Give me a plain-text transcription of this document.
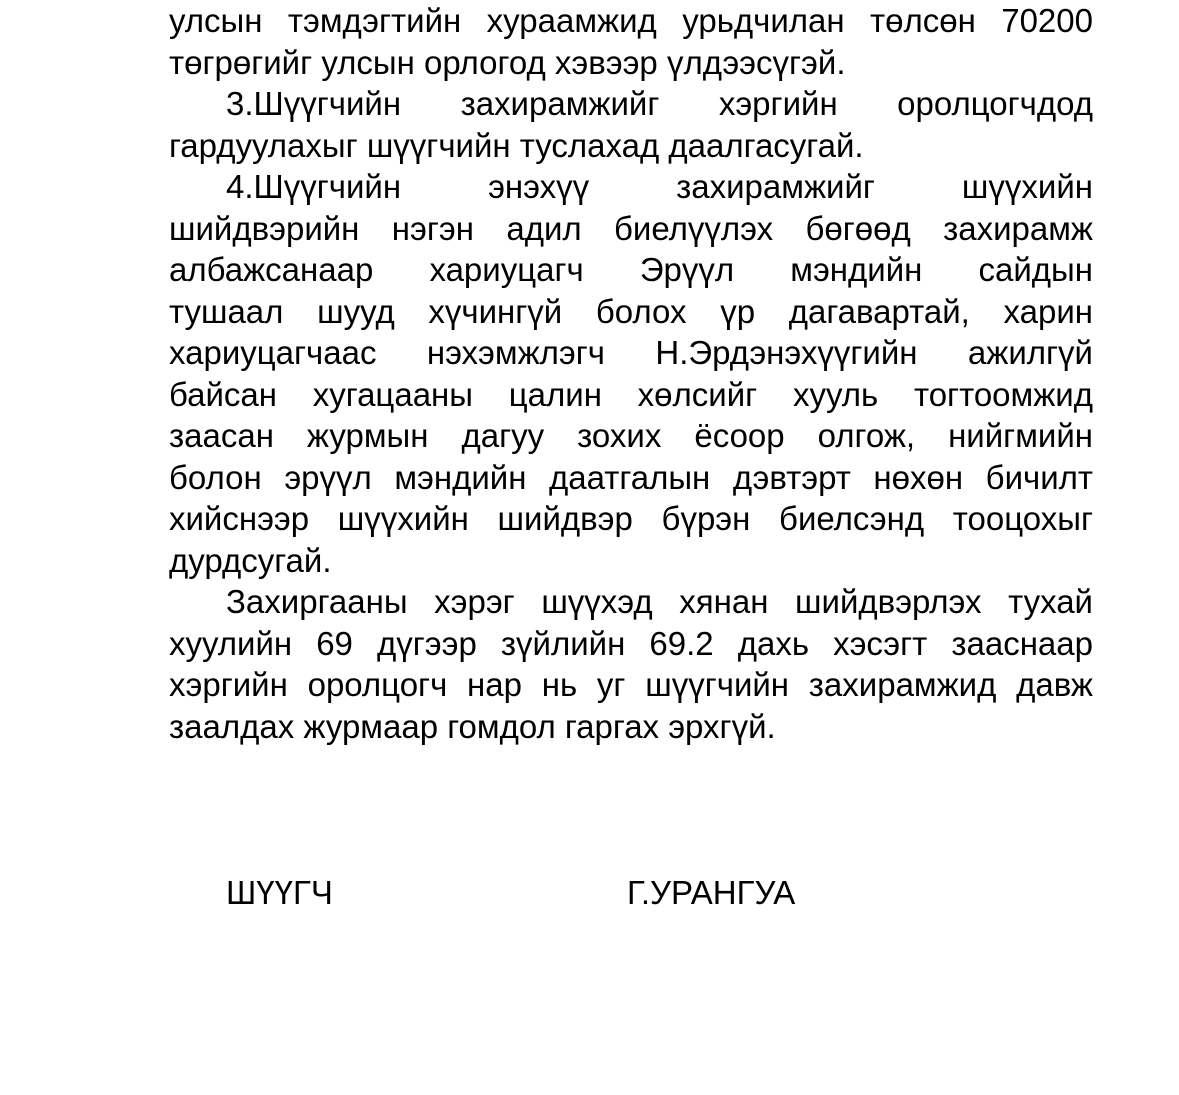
улсын тэмдэгтийн хураамжид урьдчилан төлсөн 70200
төгрөгийг улсын орлогод хэвээр үлдээсүгэй.

3.Шүүгчийн захирамжийг хэргийн оролцогчдод
гардуулахыг шүүгчийн туслахад даалгасугай.

4.Шүүгчийн энэхүү захирамжийг шүүхийн
шийдвэрийн нэгэн адил биелүүлэх бөгөөд захирамж
албажсанаар хариуцагч Эрүүл мэндийн сайдын
тушаал шууд хүчингүй болох үр дагавартай, харин
хариуцагчаас нэхэмжлэгч Н.Эрдэнэхүүгийн ажилгүй
байсан хугацааны цалин хөлсийг хууль тогтоомжид
заасан журмын дагуу зохих ёсоор олгож, нийгмийн
болон эрүүл мэндийн даатгалын дэвтэрт нөхөн бичилт
хийснээр шүүхийн шийдвэр бүрэн биелсэнд тооцохыг
дурдсугай.

Захиргааны хэрэг шүүхэд хянан шийдвэрлэх тухай
хуулийн 69 дүгээр зүйлийн 69.2 дахь хэсэгт зааснаар
хэргийн оролцогч нар нь уг шүүгчийн захирамжид давж
заалдах журмаар гомдол гаргах эрхгүй.

ШҮҮГЧ	Г.УРАНГУА
